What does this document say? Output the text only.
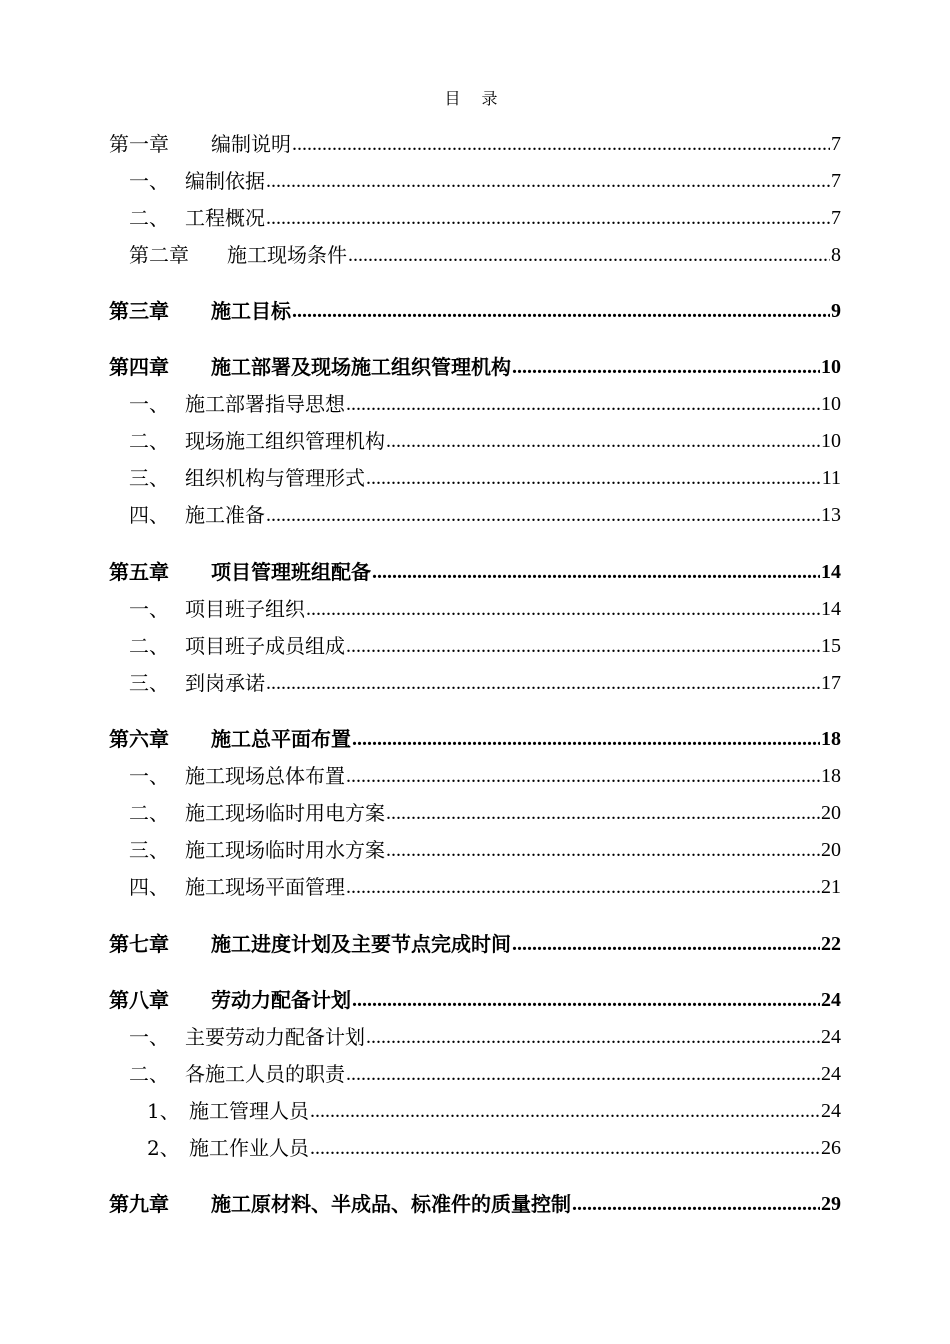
目 录
第一章	编制说明 .....	7
一、 编制依据 .....	7
二、 工程概况 .....	7
第二章	施工现场条件 .....	8
第三章	施工目标 .....	9
第四章	施工部署及现场施工组织管理机构 .....	10
一、 施工部署指导思想 .....	10
二、 现场施工组织管理机构 .....	10
三、 组织机构与管理形式 .....	11
四、 施工准备 .....	13
第五章	项目管理班组配备 .....	14
一、 项目班子组织 .....	14
二、 项目班子成员组成 .....	15
三、 到岗承诺 .....	17
第六章	施工总平面布置 .....	18
一、 施工现场总体布置 .....	18
二、 施工现场临时用电方案 .....	20
三、 施工现场临时用水方案 .....	20
四、 施工现场平面管理 .....	21
第七章	施工进度计划及主要节点完成时间 .....	22
第八章	劳动力配备计划 .....	24
一、 主要劳动力配备计划 .....	24
二、 各施工人员的职责 .....	24
1、 施工管理人员 .....	24
2、 施工作业人员 .....	26
第九章	施工原材料、半成品、标准件的质量控制 .....	29
